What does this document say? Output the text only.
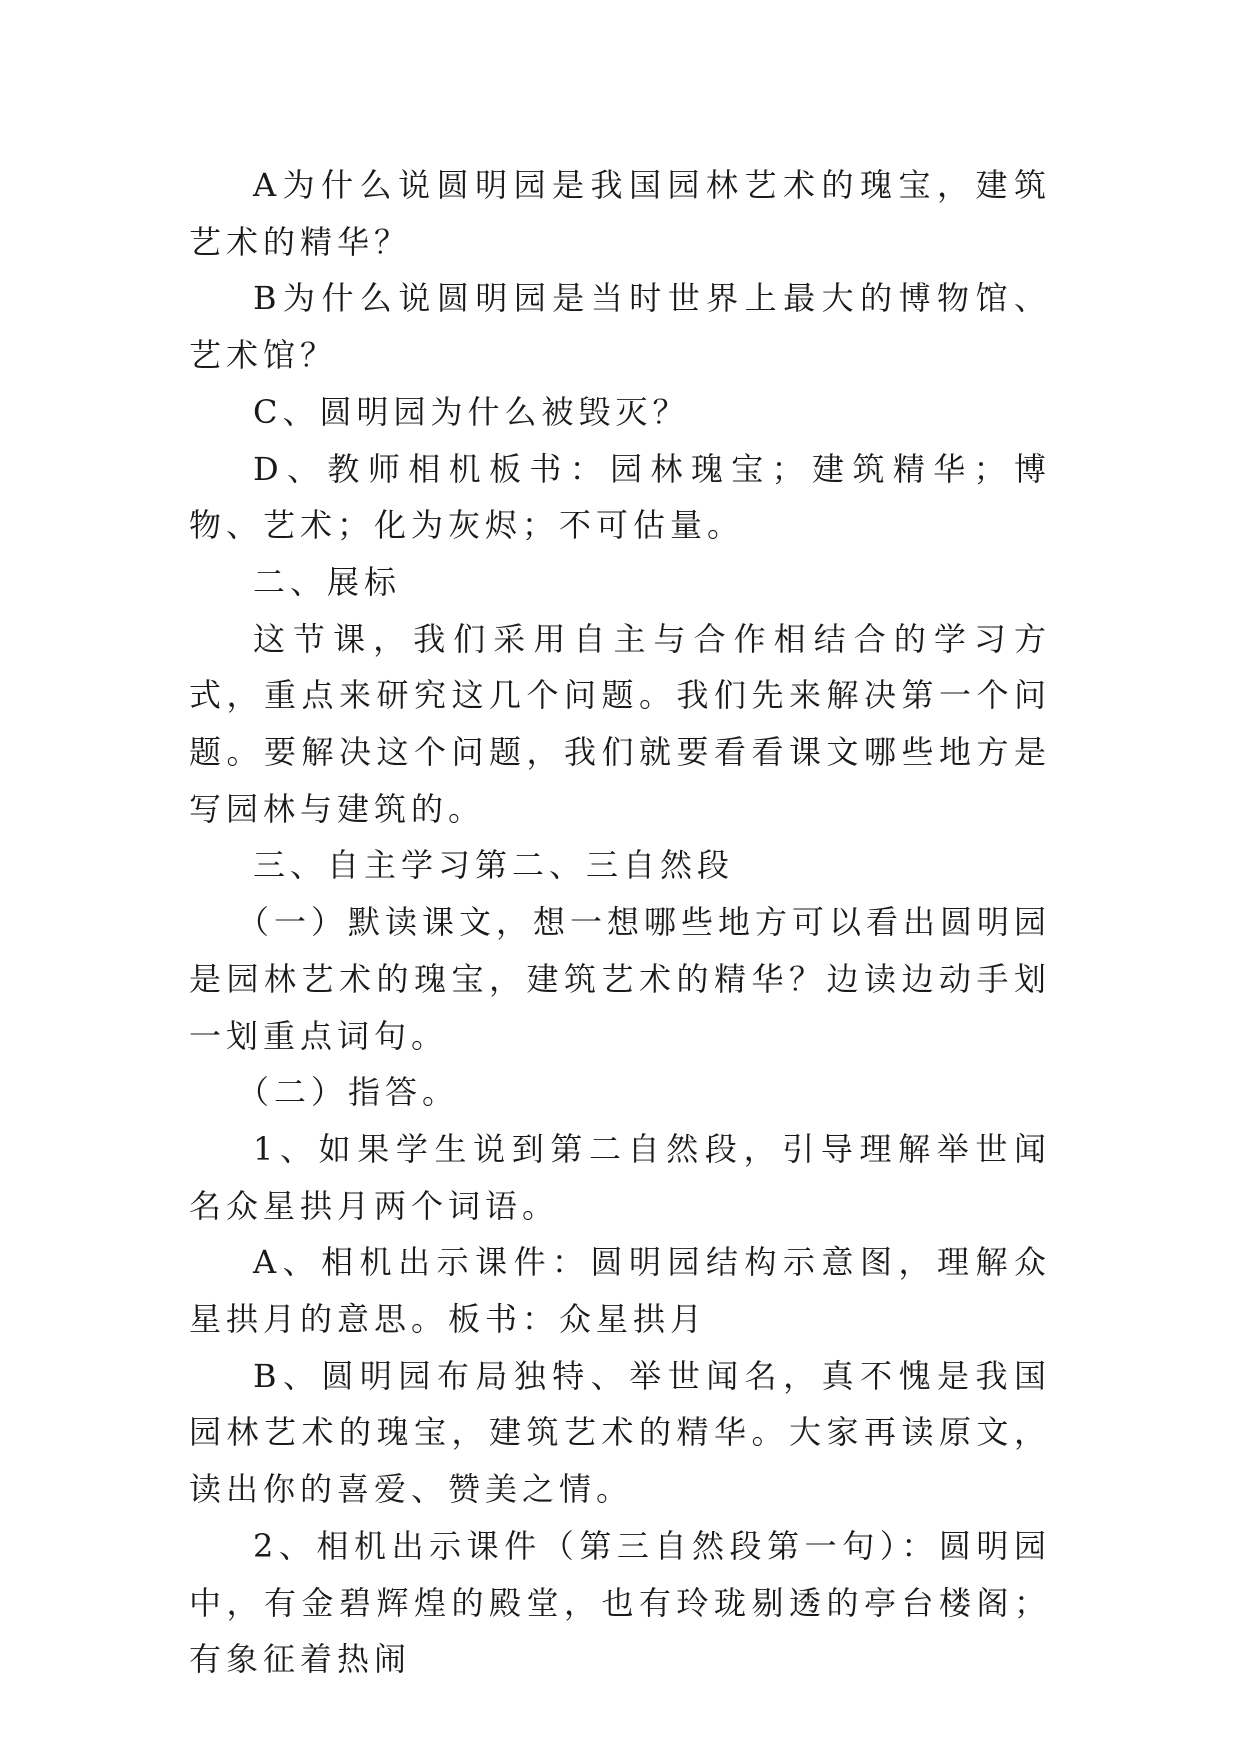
A为什么说圆明园是我国园林艺术的瑰宝，建筑艺术的精华？

B为什么说圆明园是当时世界上最大的博物馆、艺术馆？

C、圆明园为什么被毁灭？

D、教师相机板书：园林瑰宝；建筑精华；博物、艺术；化为灰烬；不可估量。

二、展标

这节课，我们采用自主与合作相结合的学习方式，重点来研究这几个问题。我们先来解决第一个问题。要解决这个问题，我们就要看看课文哪些地方是写园林与建筑的。

三、自主学习第二、三自然段

（一）默读课文，想一想哪些地方可以看出圆明园是园林艺术的瑰宝，建筑艺术的精华？边读边动手划一划重点词句。

（二）指答。

1、如果学生说到第二自然段，引导理解举世闻名众星拱月两个词语。

A、相机出示课件：圆明园结构示意图，理解众星拱月的意思。板书：众星拱月

B、圆明园布局独特、举世闻名，真不愧是我国园林艺术的瑰宝，建筑艺术的精华。大家再读原文，读出你的喜爱、赞美之情。

2、相机出示课件（第三自然段第一句）：圆明园中，有金碧辉煌的殿堂，也有玲珑剔透的亭台楼阁；有象征着热闹
